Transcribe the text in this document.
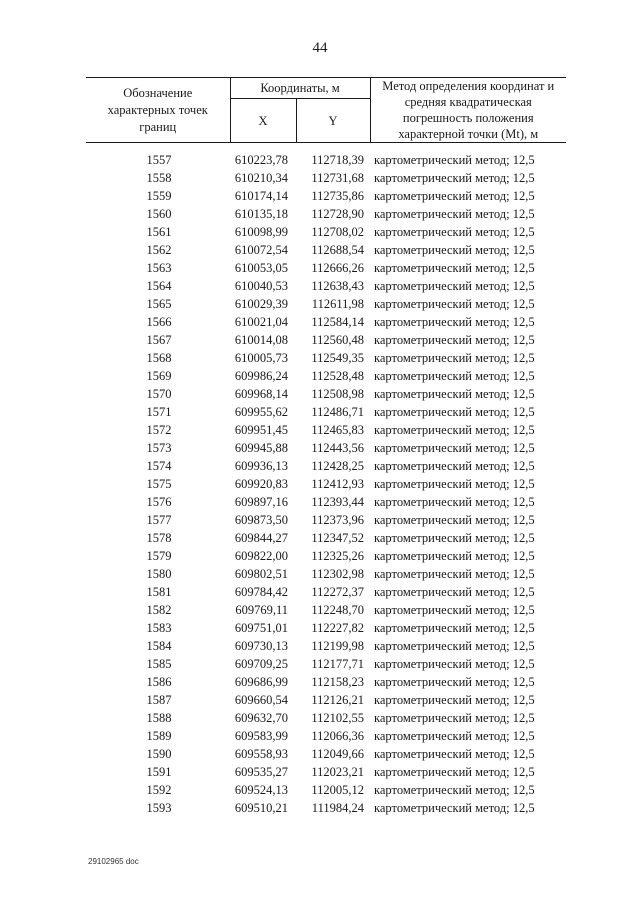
44
Обозначение характерных точек границ	Координаты, м		Метод определения координат и средняя квадратическая погрешность положения характерной точки (Mt), м
	X	Y	
1557	610223,78	112718,39	картометрический метод; 12,5
1558	610210,34	112731,68	картометрический метод; 12,5
1559	610174,14	112735,86	картометрический метод; 12,5
1560	610135,18	112728,90	картометрический метод; 12,5
1561	610098,99	112708,02	картометрический метод; 12,5
1562	610072,54	112688,54	картометрический метод; 12,5
1563	610053,05	112666,26	картометрический метод; 12,5
1564	610040,53	112638,43	картометрический метод; 12,5
1565	610029,39	112611,98	картометрический метод; 12,5
1566	610021,04	112584,14	картометрический метод; 12,5
1567	610014,08	112560,48	картометрический метод; 12,5
1568	610005,73	112549,35	картометрический метод; 12,5
1569	609986,24	112528,48	картометрический метод; 12,5
1570	609968,14	112508,98	картометрический метод; 12,5
1571	609955,62	112486,71	картометрический метод; 12,5
1572	609951,45	112465,83	картометрический метод; 12,5
1573	609945,88	112443,56	картометрический метод; 12,5
1574	609936,13	112428,25	картометрический метод; 12,5
1575	609920,83	112412,93	картометрический метод; 12,5
1576	609897,16	112393,44	картометрический метод; 12,5
1577	609873,50	112373,96	картометрический метод; 12,5
1578	609844,27	112347,52	картометрический метод; 12,5
1579	609822,00	112325,26	картометрический метод; 12,5
1580	609802,51	112302,98	картометрический метод; 12,5
1581	609784,42	112272,37	картометрический метод; 12,5
1582	609769,11	112248,70	картометрический метод; 12,5
1583	609751,01	112227,82	картометрический метод; 12,5
1584	609730,13	112199,98	картометрический метод; 12,5
1585	609709,25	112177,71	картометрический метод; 12,5
1586	609686,99	112158,23	картометрический метод; 12,5
1587	609660,54	112126,21	картометрический метод; 12,5
1588	609632,70	112102,55	картометрический метод; 12,5
1589	609583,99	112066,36	картометрический метод; 12,5
1590	609558,93	112049,66	картометрический метод; 12,5
1591	609535,27	112023,21	картометрический метод; 12,5
1592	609524,13	112005,12	картометрический метод; 12,5
1593	609510,21	111984,24	картометрический метод; 12,5
29102965 doc
